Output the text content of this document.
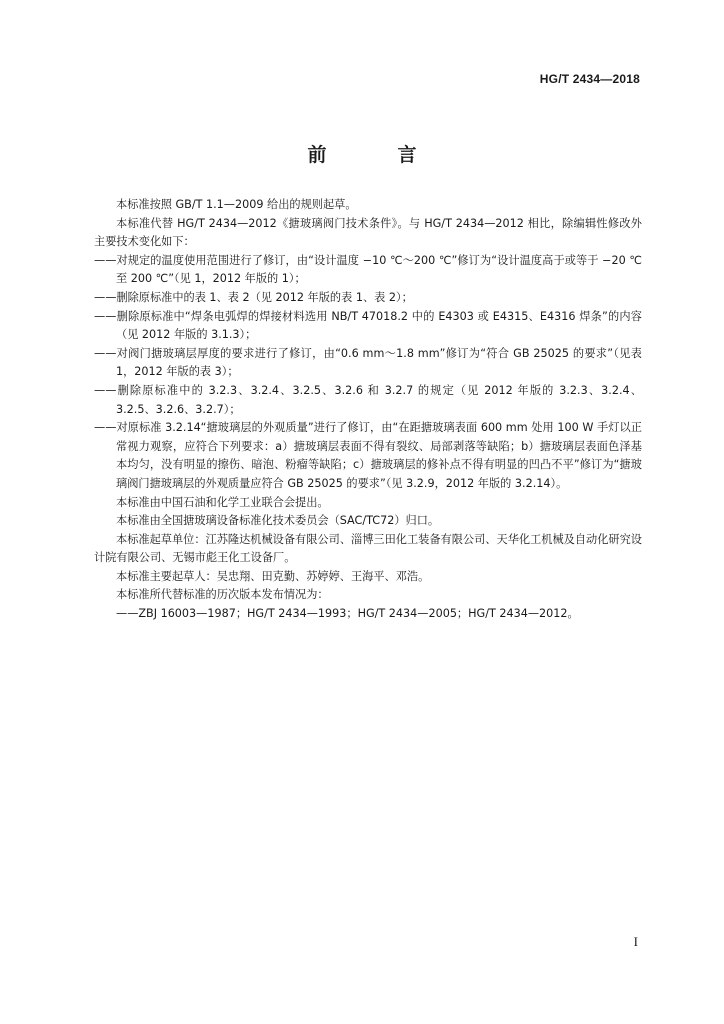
HG/T 2434—2018
前　言

本标准按照 GB/T 1.1—2009 给出的规则起草。

本标准代替 HG/T 2434—2012《搪玻璃阀门技术条件》。与 HG/T 2434—2012 相比，除编辑性修改外主要技术变化如下：

——对规定的温度使用范围进行了修订，由“设计温度 −10 ℃～200 ℃”修订为“设计温度高于或等于 −20 ℃至 200 ℃”（见 1，2012 年版的 1）；

——删除原标准中的表 1、表 2（见 2012 年版的表 1、表 2）；

——删除原标准中“焊条电弧焊的焊接材料选用 NB/T 47018.2 中的 E4303 或 E4315、E4316 焊条”的内容（见 2012 年版的 3.1.3）；

——对阀门搪玻璃层厚度的要求进行了修订，由“0.6 mm～1.8 mm”修订为“符合 GB 25025 的要求”（见表 1，2012 年版的表 3）；

——删除原标准中的 3.2.3、3.2.4、3.2.5、3.2.6 和 3.2.7 的规定（见 2012 年版的 3.2.3、3.2.4、3.2.5、3.2.6、3.2.7）；

——对原标准 3.2.14“搪玻璃层的外观质量”进行了修订，由“在距搪玻璃表面 600 mm 处用 100 W 手灯以正常视力观察，应符合下列要求：a）搪玻璃层表面不得有裂纹、局部剥落等缺陷；b）搪玻璃层表面色泽基本均匀，没有明显的擦伤、暗泡、粉瘤等缺陷；c）搪玻璃层的修补点不得有明显的凹凸不平”修订为“搪玻璃阀门搪玻璃层的外观质量应符合 GB 25025 的要求”（见 3.2.9，2012 年版的 3.2.14）。

本标准由中国石油和化学工业联合会提出。

本标准由全国搪玻璃设备标准化技术委员会（SAC/TC72）归口。

本标准起草单位：江苏隆达机械设备有限公司、淄博三田化工装备有限公司、天华化工机械及自动化研究设计院有限公司、无锡市彪王化工设备厂。

本标准主要起草人：吴忠翔、田克勤、苏婷婷、王海平、邓浩。

本标准所代替标准的历次版本发布情况为：

——ZBJ 16003—1987；HG/T 2434—1993；HG/T 2434—2005；HG/T 2434—2012。

I
